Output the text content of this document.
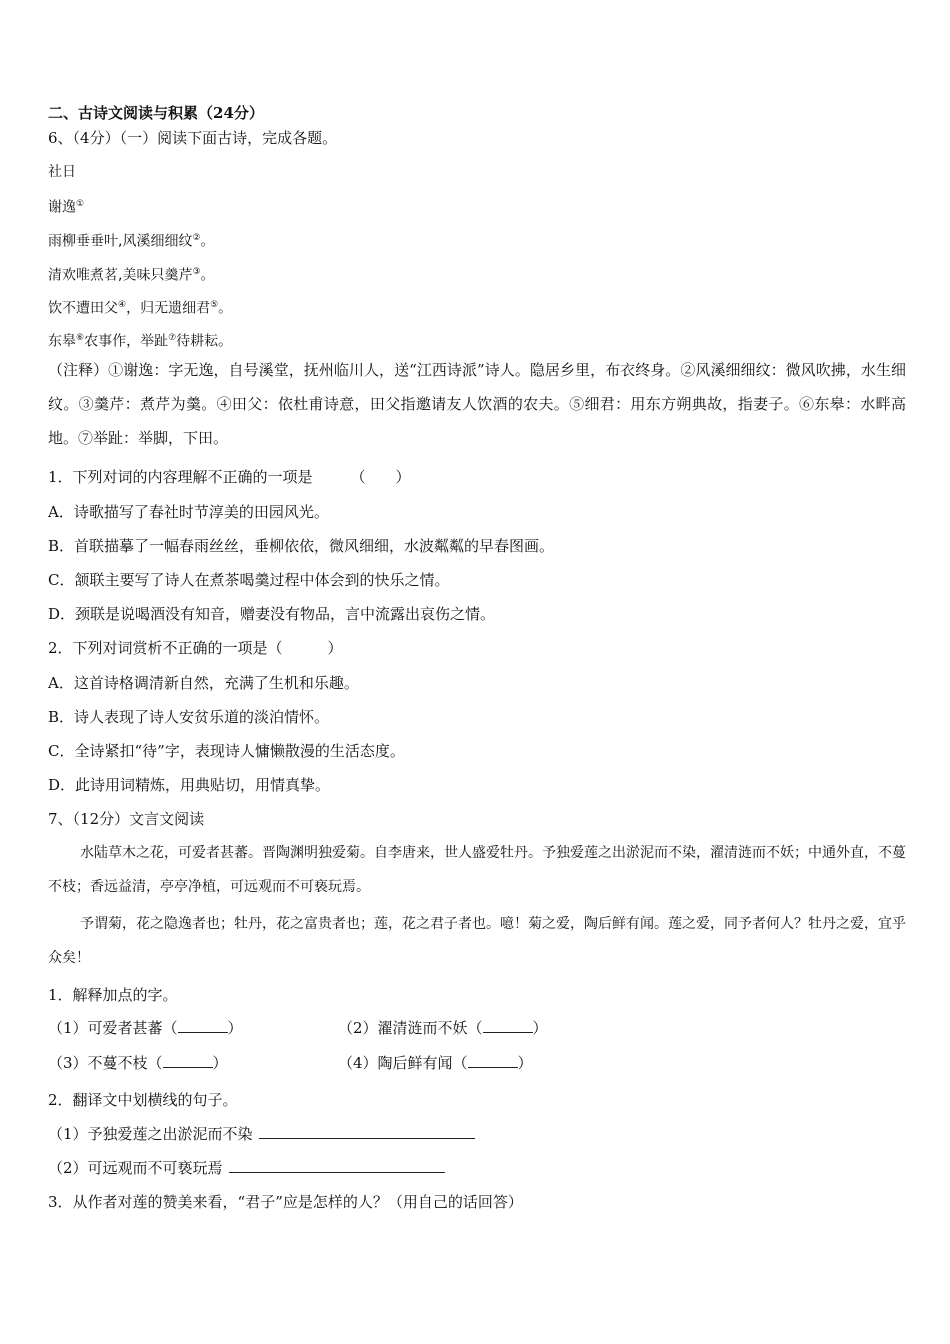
二、古诗文阅读与积累（24分）
6、（4分）（一）阅读下面古诗，完成各题。
社日
谢逸①
雨柳垂垂叶,风溪细细纹②。
清欢唯煮茗,美味只羹芹③。
饮不遭田父④，归无遗细君⑤。
东皋⑥农事作，举趾⑦待耕耘。
（注释）①谢逸：字无逸，自号溪堂，抚州临川人，送“江西诗派”诗人。隐居乡里，布衣终身。②风溪细细纹：微风吹拂，水生细纹。③羹芹：煮芹为羹。④田父：依杜甫诗意，田父指邀请友人饮酒的农夫。⑤细君：用东方朔典故，指妻子。⑥东皋：水畔高地。⑦举趾：举脚，下田。
1．下列对词的内容理解不正确的一项是	（　　）
A．诗歌描写了春社时节淳美的田园风光。
B．首联描摹了一幅春雨丝丝，垂柳依依，微风细细，水波粼粼的早春图画。
C．颔联主要写了诗人在煮茶喝羹过程中体会到的快乐之情。
D．颈联是说喝酒没有知音，赠妻没有物品，言中流露出哀伤之情。
2．下列对词赏析不正确的一项是（　　　）
A．这首诗格调清新自然，充满了生机和乐趣。
B．诗人表现了诗人安贫乐道的淡泊情怀。
C．全诗紧扣“待”字，表现诗人慵懒散漫的生活态度。
D．此诗用词精炼，用典贴切，用情真挚。
7、（12分）文言文阅读
水陆草木之花，可爱者甚蕃。晋陶渊明独爱菊。自李唐来，世人盛爱牡丹。予独爱莲之出淤泥而不染，濯清涟而不妖；中通外直，不蔓不枝；香远益清，亭亭净植，可远观而不可亵玩焉。
予谓菊，花之隐逸者也；牡丹，花之富贵者也；莲，花之君子者也。噫！菊之爱，陶后鲜有闻。莲之爱，同予者何人？牡丹之爱，宜乎众矣！
1．解释加点的字。
（1）可爱者甚蕃（	）	（2）濯清涟而不妖（	）
（3）不蔓不枝（	）	（4）陶后鲜有闻（	）
2．翻译文中划横线的句子。
（1）予独爱莲之出淤泥而不染
（2）可远观而不可亵玩焉
3．从作者对莲的赞美来看，“君子”应是怎样的人？（用自己的话回答）
